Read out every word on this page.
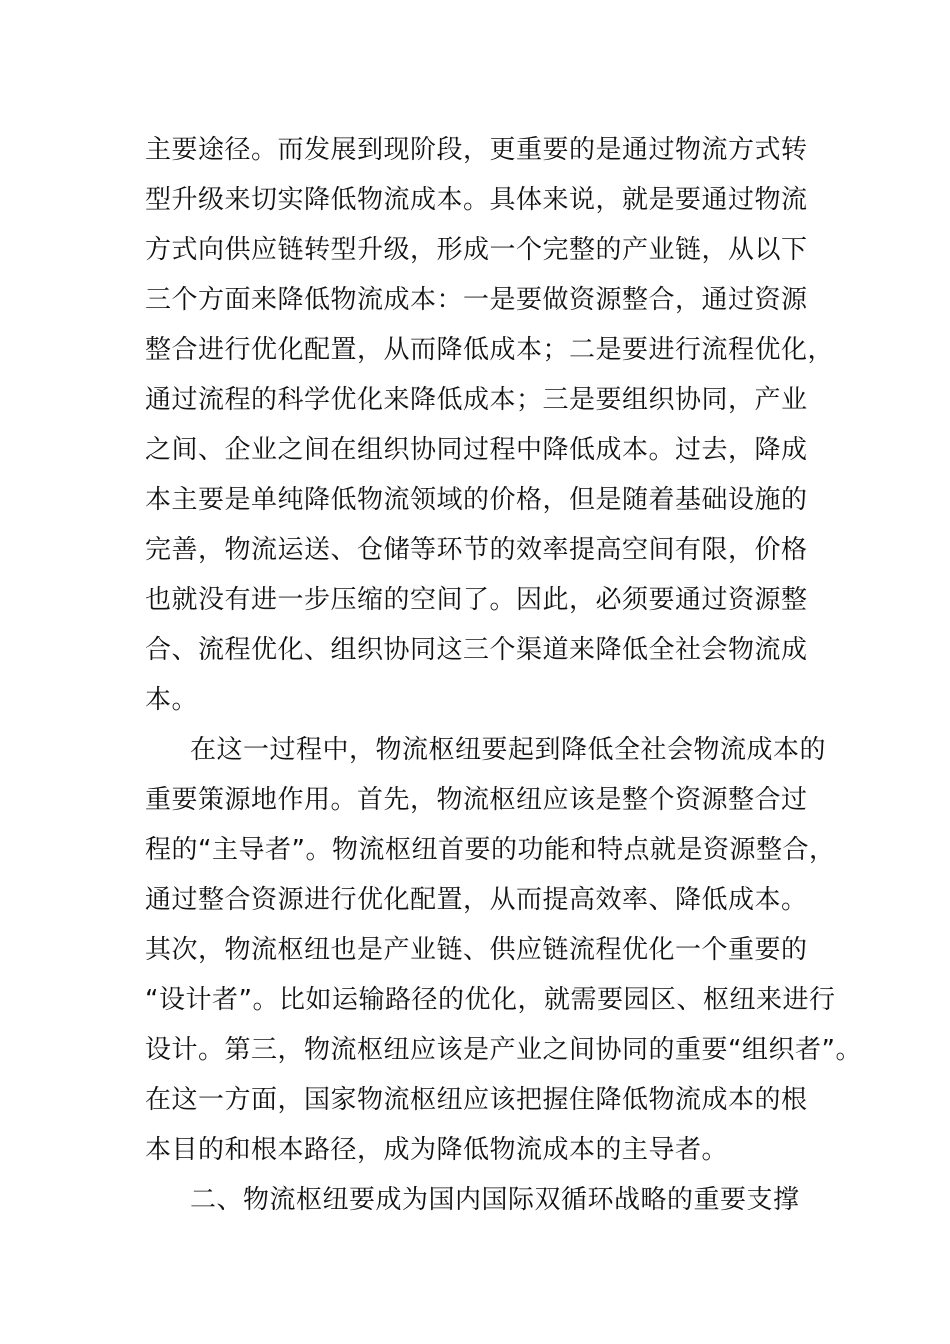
主要途径。而发展到现阶段，更重要的是通过物流方式转
型升级来切实降低物流成本。具体来说，就是要通过物流
方式向供应链转型升级，形成一个完整的产业链，从以下
三个方面来降低物流成本：一是要做资源整合，通过资源
整合进行优化配置，从而降低成本；二是要进行流程优化，
通过流程的科学优化来降低成本；三是要组织协同，产业
之间、企业之间在组织协同过程中降低成本。过去，降成
本主要是单纯降低物流领域的价格，但是随着基础设施的
完善，物流运送、仓储等环节的效率提高空间有限，价格
也就没有进一步压缩的空间了。因此，必须要通过资源整
合、流程优化、组织协同这三个渠道来降低全社会物流成
本。
在这一过程中，物流枢纽要起到降低全社会物流成本的
重要策源地作用。首先，物流枢纽应该是整个资源整合过
程的“主导者”。物流枢纽首要的功能和特点就是资源整合，
通过整合资源进行优化配置，从而提高效率、降低成本。
其次，物流枢纽也是产业链、供应链流程优化一个重要的
“设计者”。比如运输路径的优化，就需要园区、枢纽来进行
设计。第三，物流枢纽应该是产业之间协同的重要“组织者”。
在这一方面，国家物流枢纽应该把握住降低物流成本的根
本目的和根本路径，成为降低物流成本的主导者。
二、物流枢纽要成为国内国际双循环战略的重要支撑
